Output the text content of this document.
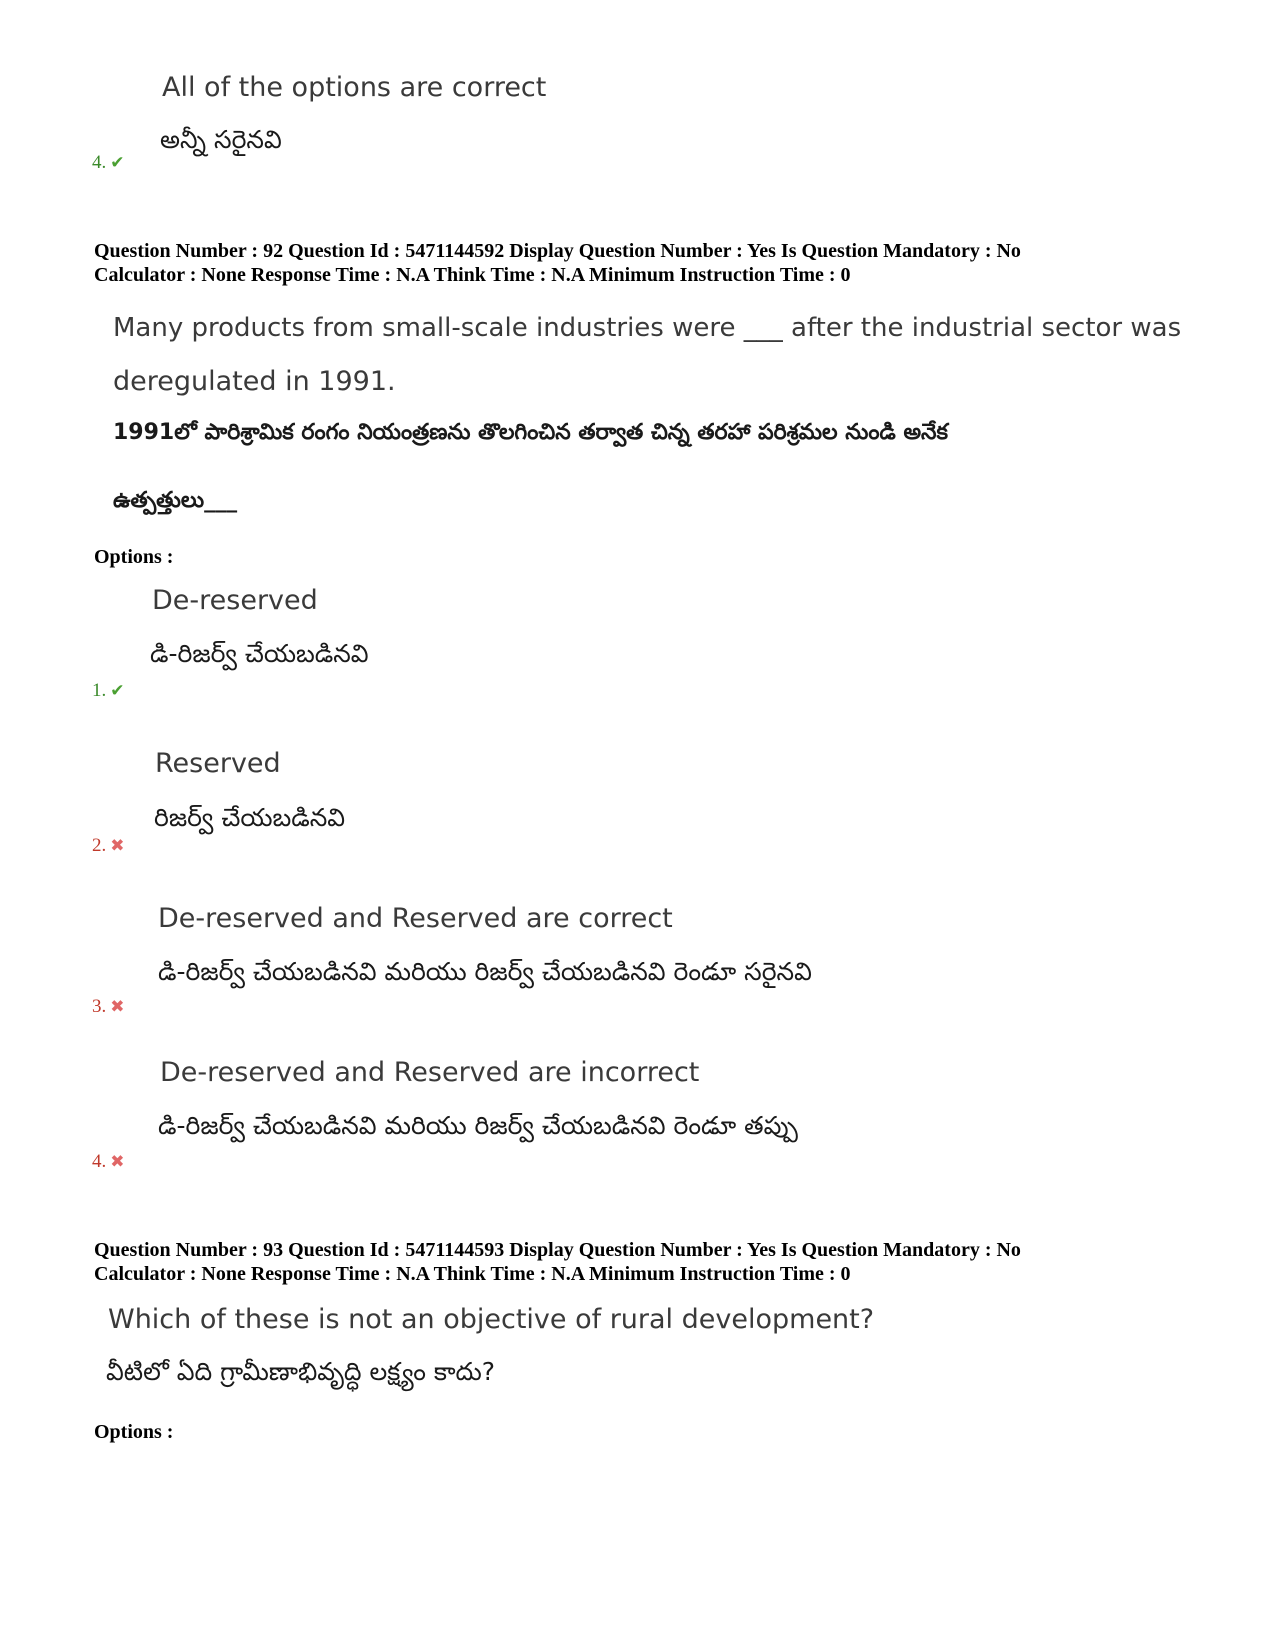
All of the options are correct
అన్నీ సరైనవి
4. ✔
Question Number : 92 Question Id : 5471144592 Display Question Number : Yes Is Question Mandatory : No
Calculator : None Response Time : N.A Think Time : N.A Minimum Instruction Time : 0
Many products from small-scale industries were ___ after the industrial sector was
deregulated in 1991.
1991లో పారిశ్రామిక రంగం నియంత్రణను తొలగించిన తర్వాత చిన్న తరహా పరిశ్రమల నుండి అనేక
ఉత్పత్తులు___
Options :
De-reserved
డి-రిజర్వ్ చేయబడినవి
1. ✔
Reserved
రిజర్వ్ చేయబడినవి
2. ✖
De-reserved and Reserved are correct
డి-రిజర్వ్ చేయబడినవి మరియు రిజర్వ్ చేయబడినవి రెండూ సరైనవి
3. ✖
De-reserved and Reserved are incorrect
డి-రిజర్వ్ చేయబడినవి మరియు రిజర్వ్ చేయబడినవి రెండూ తప్పు
4. ✖
Question Number : 93 Question Id : 5471144593 Display Question Number : Yes Is Question Mandatory : No
Calculator : None Response Time : N.A Think Time : N.A Minimum Instruction Time : 0
Which of these is not an objective of rural development?
వీటిలో ఏది గ్రామీణాభివృద్ధి లక్ష్యం కాదు?
Options :
